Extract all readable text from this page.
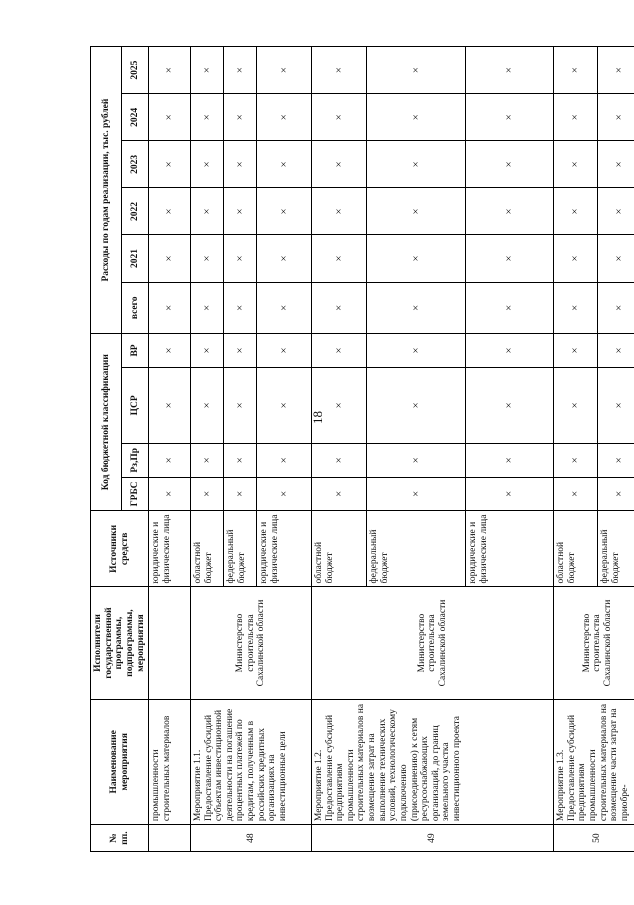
18
№ пп.	Наименование мероприятия	Исполнители государственной программы, подпрограммы, мероприятия	Источники средств	Код бюджетной классификации				Расходы по годам реализации, тыс. рублей					
				ГРБС	Рз,Пр	ЦСР	ВР	всего	2021	2022	2023	2024	2025
	промышленности строительных материалов		юридические и физические лица	×	×	×	×	×	×	×	×	×	×
48	Мероприятие 1.1. Предоставление субсидий субъектам инвестиционной деятельности на погашение процентных платежей по кредитам, полученным в российских кредитных организациях на инвестиционные цели	Министерство строительства Сахалинской области	областной бюджет	×	×	×	×	×	×	×	×	×	×
			федеральный бюджет	×	×	×	×	×	×	×	×	×	×
			юридические и физические лица	×	×	×	×	×	×	×	×	×	×
49	Мероприятие 1.2. Предоставление субсидий предприятиям промышленности строительных материалов на возмещение затрат на выполнение технических условий, технологическому подключению (присоединению) к сетям ресурсоснабжающих организаций, до границ земельного участка инвестиционного проекта	Министерство строительства Сахалинской области	областной бюджет	×	×	×	×	×	×	×	×	×	×
			федеральный бюджет	×	×	×	×	×	×	×	×	×	×
			юридические и физические лица	×	×	×	×	×	×	×	×	×	×
50	Мероприятие 1.3. Предоставление субсидий предприятиям промышленности строительных материалов на возмещение части затрат на приобре-	Министерство строительства Сахалинской области	областной бюджет	×	×	×	×	×	×	×	×	×	×
			федеральный бюджет	×	×	×	×	×	×	×	×	×	×
